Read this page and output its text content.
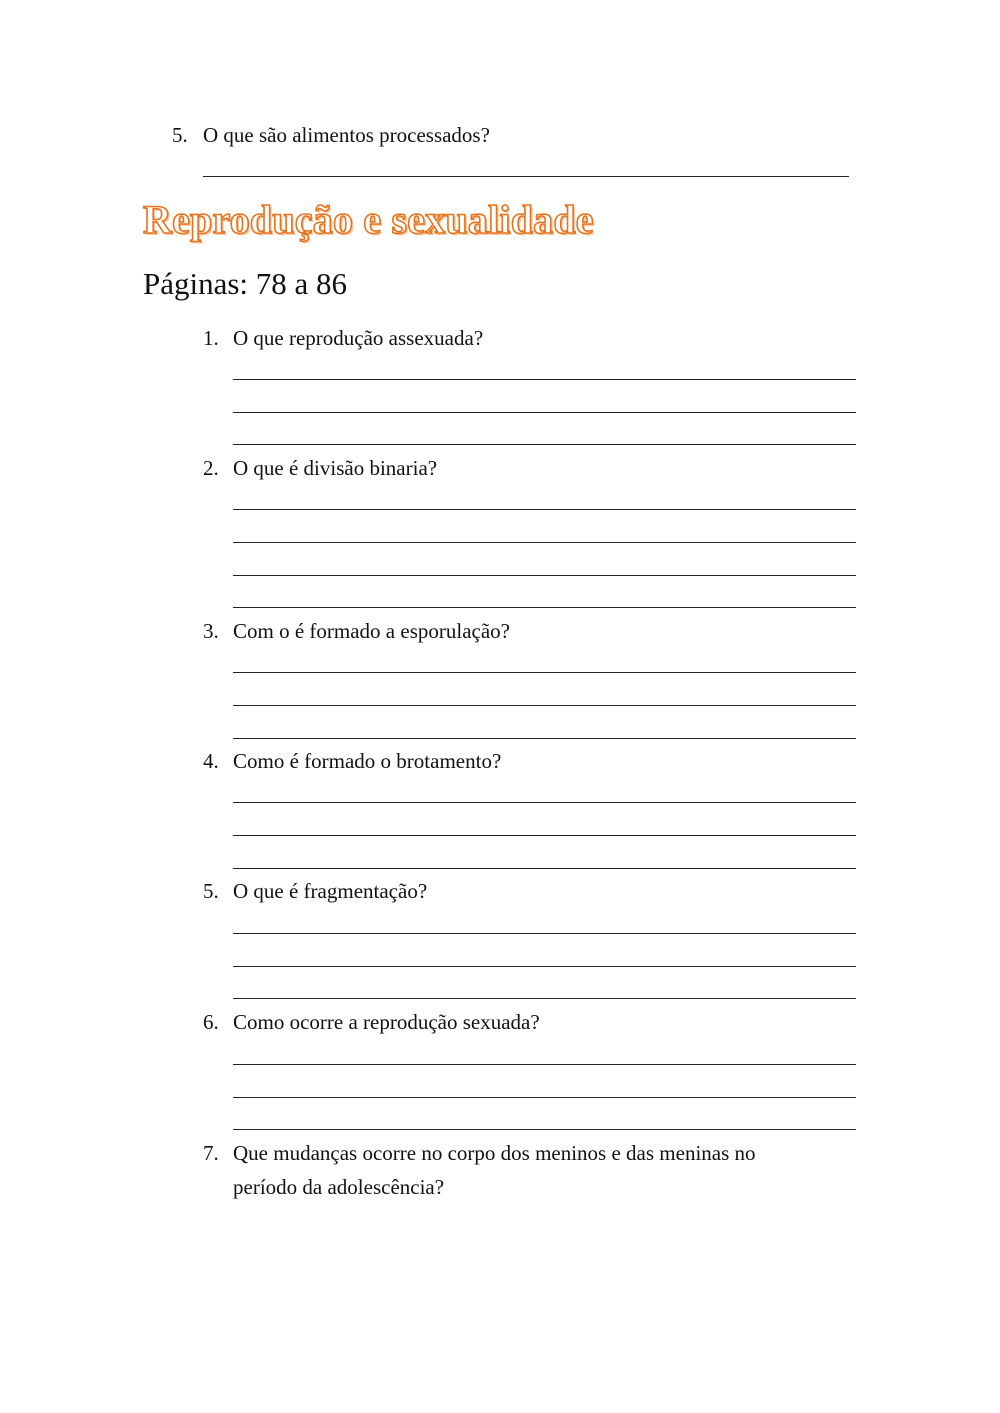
5. O que são alimentos processados?
Reprodução e sexualidade
Páginas: 78 a 86
1. O que reprodução assexuada?
2. O que é divisão binaria?
3. Com o é formado a esporulação?
4. Como é formado o brotamento?
5. O que é fragmentação?
6. Como ocorre a reprodução sexuada?
7. Que mudanças ocorre no corpo dos meninos e das meninas no
período da adolescência?
